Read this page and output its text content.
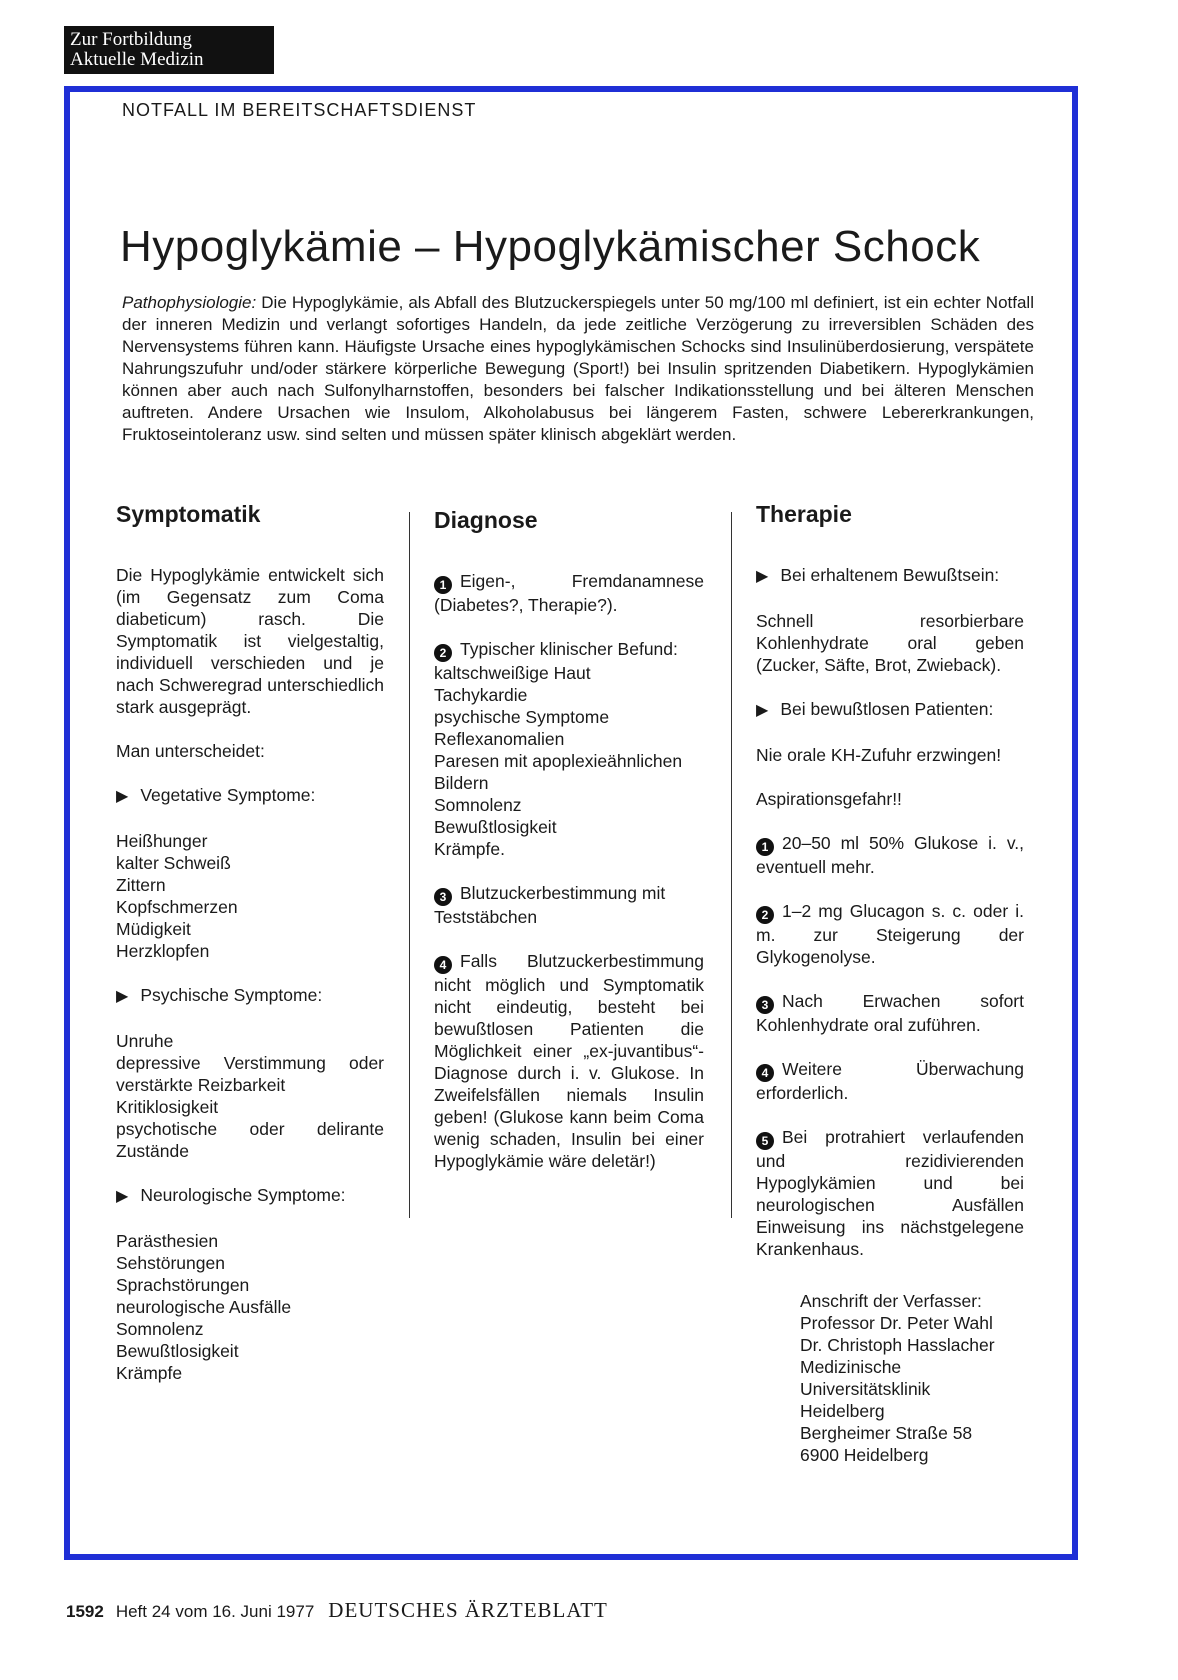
Zur Fortbildung
Aktuelle Medizin
NOTFALL IM BEREITSCHAFTSDIENST
Hypoglykämie – Hypoglykämischer Schock

Pathophysiologie: Die Hypoglykämie, als Abfall des Blutzuckerspiegels unter 50 mg/100 ml definiert, ist ein echter Notfall der inneren Medizin und verlangt sofortiges Handeln, da jede zeitliche Verzögerung zu irreversiblen Schäden des Nervensystems führen kann. Häufigste Ursache eines hypoglykämischen Schocks sind Insulinüberdosierung, verspätete Nahrungszufuhr und/oder stärkere körperliche Bewegung (Sport!) bei Insulin spritzenden Diabetikern. Hypoglykämien können aber auch nach Sulfonylharnstoffen, besonders bei falscher Indikationsstellung und bei älteren Menschen auftreten. Andere Ursachen wie Insulom, Alkoholabusus bei längerem Fasten, schwere Lebererkrankungen, Fruktoseintoleranz usw. sind selten und müssen später klinisch abgeklärt werden.

Symptomatik

Die Hypoglykämie entwickelt sich (im Gegensatz zum Coma diabeticum) rasch. Die Symptomatik ist vielgestaltig, individuell verschieden und je nach Schweregrad unterschiedlich stark ausgeprägt.

Man unterscheidet:

▶ Vegetative Symptome:

Heißhunger
kalter Schweiß
Zittern
Kopfschmerzen
Müdigkeit
Herzklopfen

▶ Psychische Symptome:

Unruhe
depressive Verstimmung oder verstärkte Reizbarkeit
Kritiklosigkeit
psychotische oder delirante Zustände

▶ Neurologische Symptome:

Parästhesien
Sehstörungen
Sprachstörungen
neurologische Ausfälle
Somnolenz
Bewußtlosigkeit
Krämpfe

Diagnose

1 Eigen-, Fremdanamnese (Diabetes?, Therapie?).

2 Typischer klinischer Befund:
kaltschweißige Haut
Tachykardie
psychische Symptome
Reflexanomalien
Paresen mit apoplexieähnlichen Bildern
Somnolenz
Bewußtlosigkeit
Krämpfe.

3 Blutzuckerbestimmung mit Teststäbchen

4 Falls Blutzuckerbestimmung nicht möglich und Symptomatik nicht eindeutig, besteht bei bewußtlosen Patienten die Möglichkeit einer „ex-juvantibus“-Diagnose durch i. v. Glukose. In Zweifelsfällen niemals Insulin geben! (Glukose kann beim Coma wenig schaden, Insulin bei einer Hypoglykämie wäre deletär!)

Therapie

▶ Bei erhaltenem Bewußtsein:

Schnell resorbierbare Kohlenhydrate oral geben (Zucker, Säfte, Brot, Zwieback).

▶ Bei bewußtlosen Patienten:

Nie orale KH-Zufuhr erzwingen!

Aspirationsgefahr!!

1 20–50 ml 50% Glukose i. v., eventuell mehr.

2 1–2 mg Glucagon s. c. oder i. m. zur Steigerung der Glykogenolyse.

3 Nach Erwachen sofort Kohlenhydrate oral zuführen.

4 Weitere Überwachung erforderlich.

5 Bei protrahiert verlaufenden und rezidivierenden Hypoglykämien und bei neurologischen Ausfällen Einweisung ins nächstgelegene Krankenhaus.

Anschrift der Verfasser:
Professor Dr. Peter Wahl
Dr. Christoph Hasslacher
Medizinische
Universitätsklinik
Heidelberg
Bergheimer Straße 58
6900 Heidelberg
1592 Heft 24 vom 16. Juni 1977 DEUTSCHES ÄRZTEBLATT
